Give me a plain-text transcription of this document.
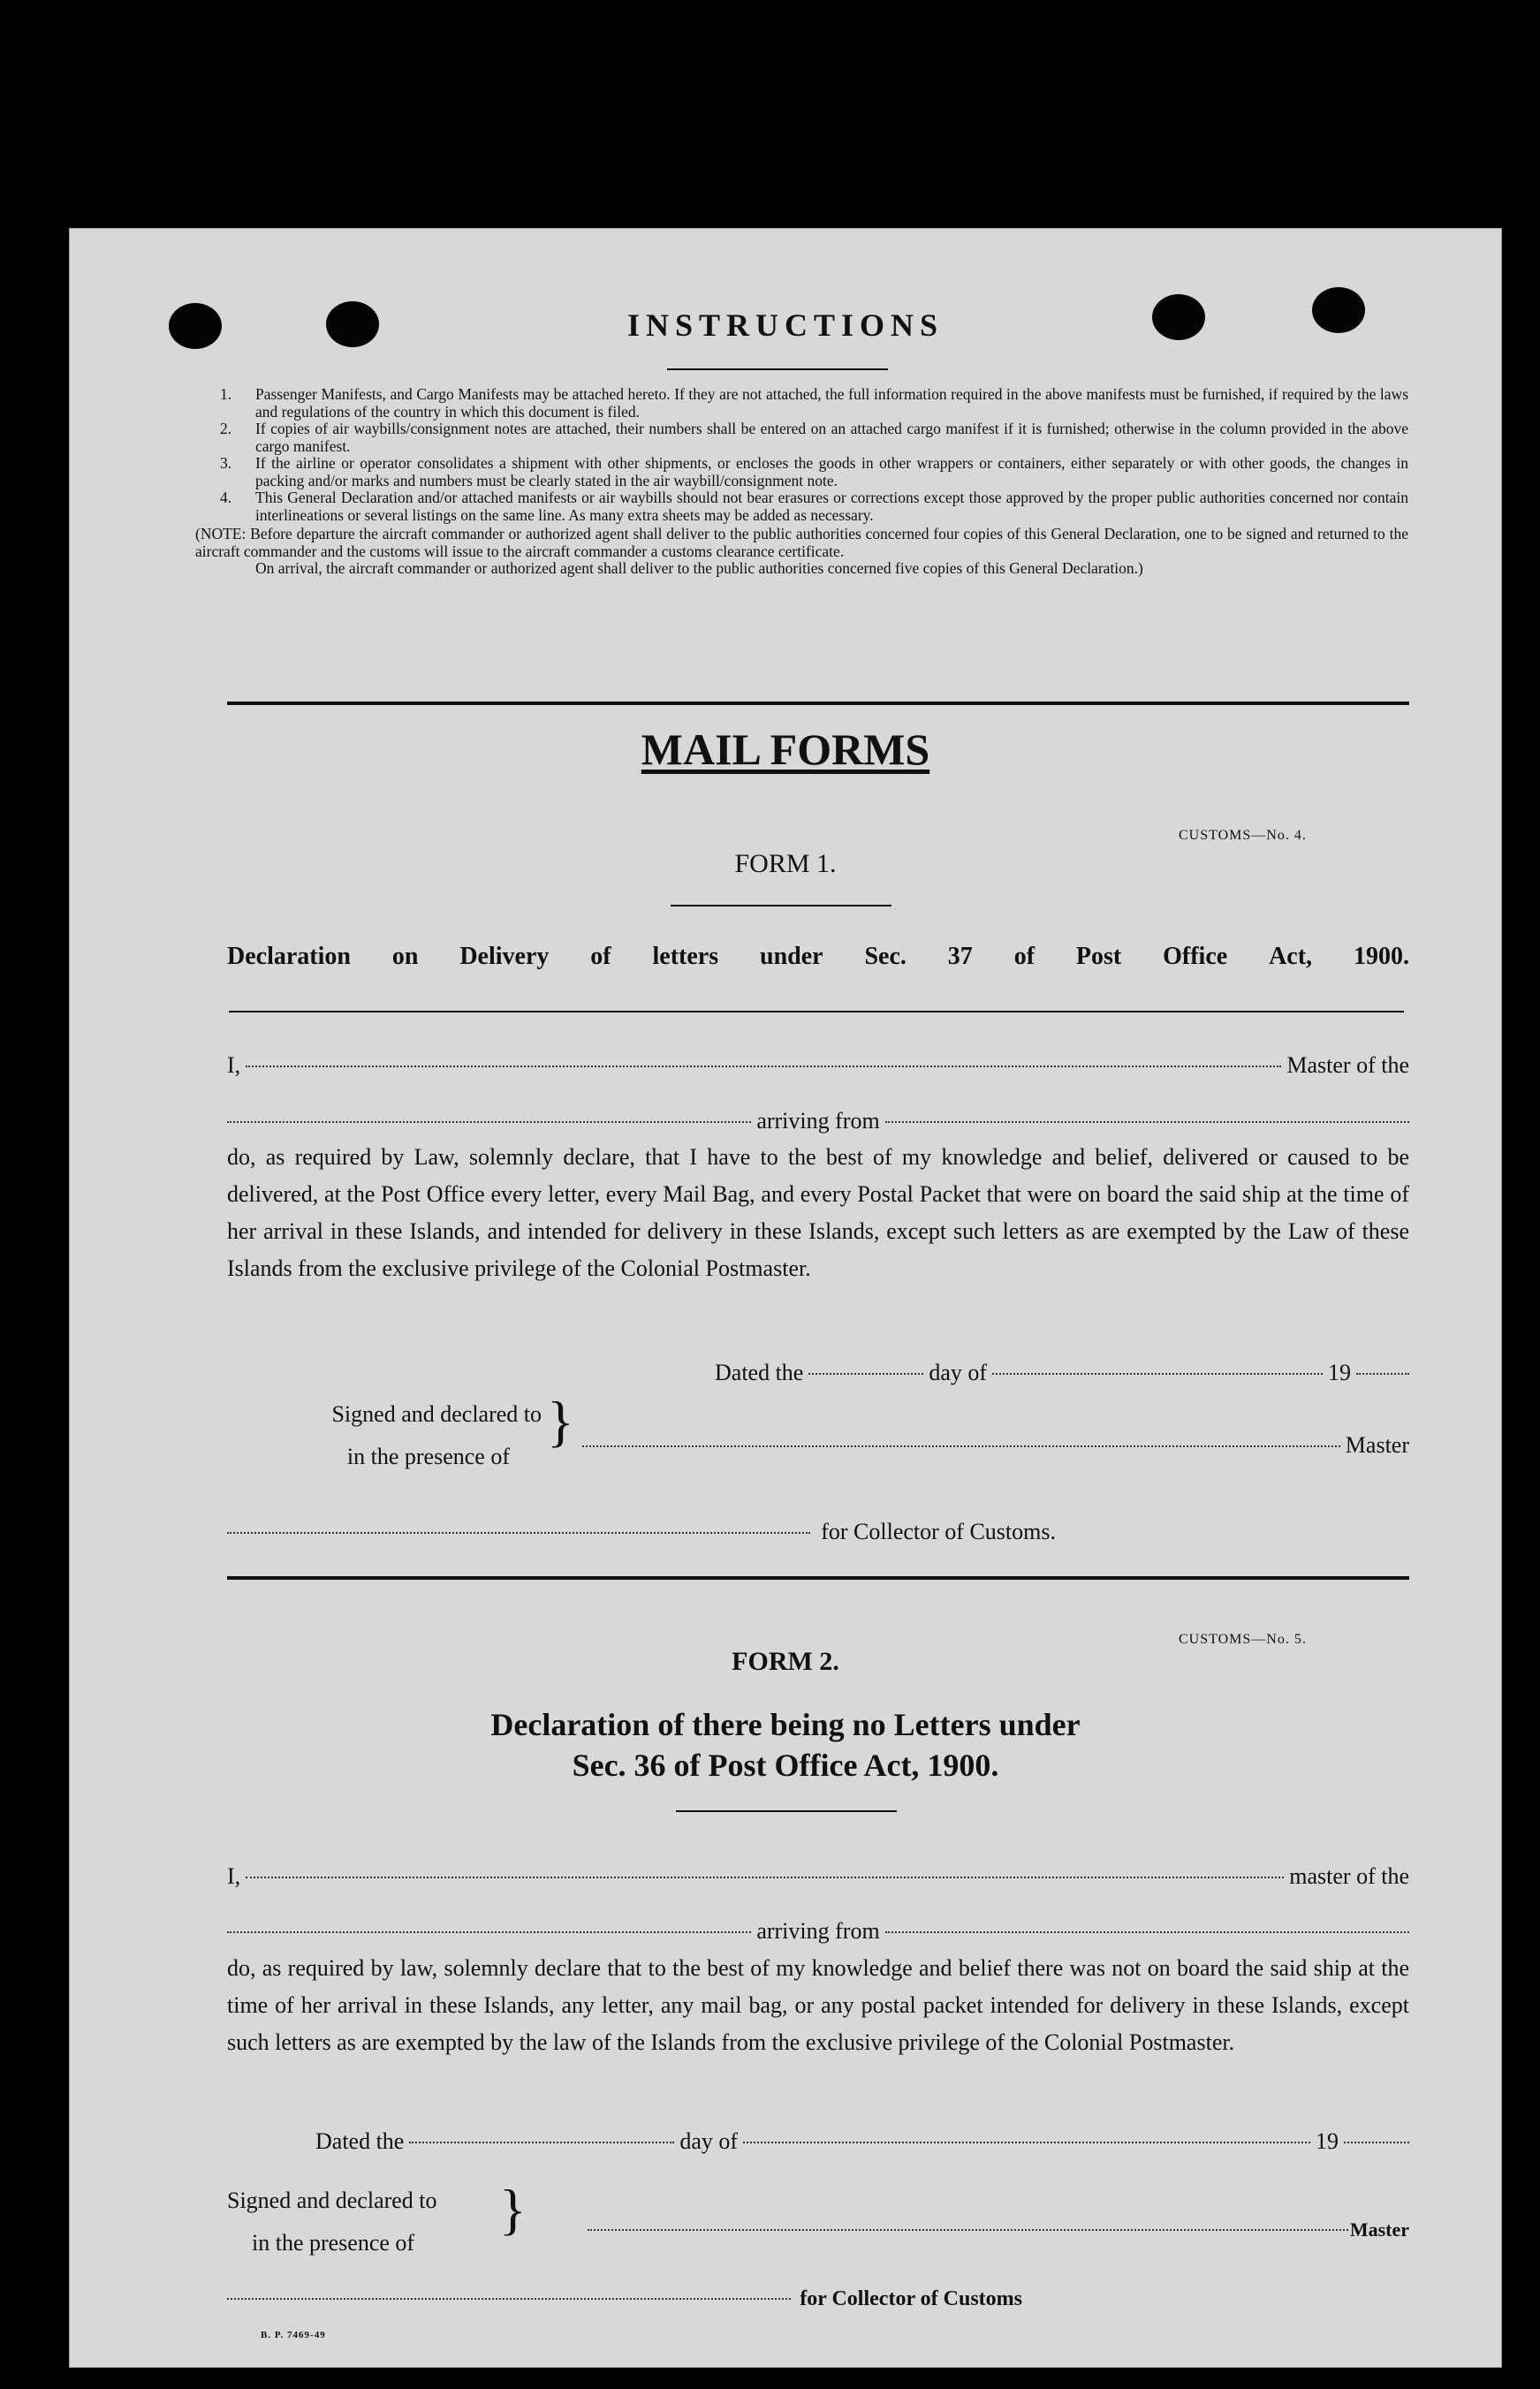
INSTRUCTIONS
1.	Passenger Manifests, and Cargo Manifests may be attached hereto. If they are not attached, the full information required in the above manifests must be furnished, if required by the laws and regulations of the country in which this document is filed.
2.	If copies of air waybills/consignment notes are attached, their numbers shall be entered on an attached cargo manifest if it is furnished; otherwise in the column provided in the above cargo manifest.
3.	If the airline or operator consolidates a shipment with other shipments, or encloses the goods in other wrappers or containers, either separately or with other goods, the changes in packing and/or marks and numbers must be clearly stated in the air waybill/consignment note.
4.	This General Declaration and/or attached manifests or air waybills should not bear erasures or corrections except those approved by the proper public authorities concerned nor contain interlineations or several listings on the same line. As many extra sheets may be added as necessary.
(NOTE: Before departure the aircraft commander or authorized agent shall deliver to the public authorities concerned four copies of this General Declaration, one to be signed and returned to the aircraft commander and the customs will issue to the aircraft commander a customs clearance certificate.
On arrival, the aircraft commander or authorized agent shall deliver to the public authorities concerned five copies of this General Declaration.)
MAIL FORMS
CUSTOMS—No. 4.
FORM 1.
Declaration on Delivery of letters under Sec. 37 of Post Office Act, 1900.
I,	Master of the
arriving from
do, as required by Law, solemnly declare, that I have to the best of my knowledge and belief, delivered or caused to be delivered, at the Post Office every letter, every Mail Bag, and every Postal Packet that were on board the said ship at the time of her arrival in these Islands, and intended for delivery in these Islands, except such letters as are exempted by the Law of these Islands from the exclusive privilege of the Colonial Postmaster.
Dated the	day of	19
Signed and declared to
in the presence of
}	Master
for Collector of Customs.
CUSTOMS—No. 5.
FORM 2.
Declaration of there being no Letters under
Sec. 36 of Post Office Act, 1900.
I,	master of the
arriving from
do, as required by law, solemnly declare that to the best of my knowledge and belief there was not on board the said ship at the time of her arrival in these Islands, any letter, any mail bag, or any postal packet intended for delivery in these Islands, except such letters as are exempted by the law of the Islands from the exclusive privilege of the Colonial Postmaster.
Dated the	day of	19
Signed and declared to
in the presence of
}	Master
for Collector of Customs
B. P. 7469-49
